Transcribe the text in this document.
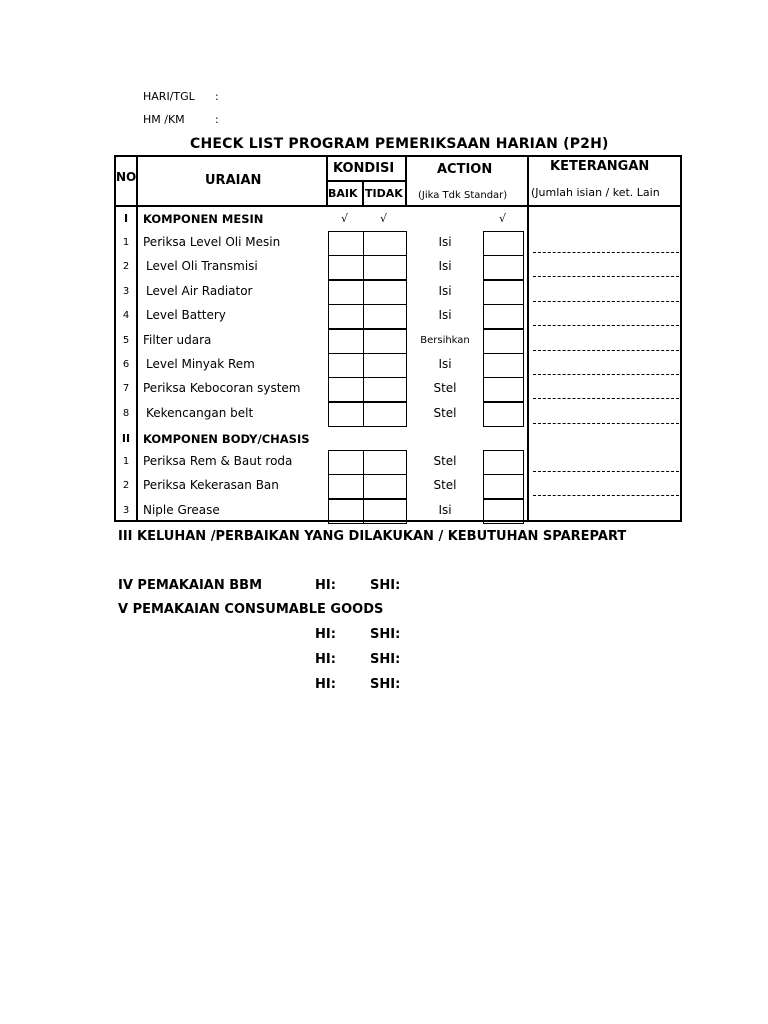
HARI/TGL :
HM /KM	:
CHECK LIST PROGRAM PEMERIKSAAN HARIAN (P2H)
NO	URAIAN
KONDISI
BAIK TIDAK
ACTION
(Jika Tdk Standar)
KETERANGAN
(Jumlah isian / ket. Lain
I	KOMPONEN MESIN	√	√	√
1	Periksa Level Oli Mesin	Isi
2	Level Oli Transmisi	Isi
3	Level Air Radiator	Isi
4	Level Battery	Isi
5	Filter udara	Bersihkan
6	Level Minyak Rem	Isi
7	Periksa Kebocoran system	Stel
8	Kekencangan belt	Stel
II	KOMPONEN BODY/CHASIS
1	Periksa Rem & Baut roda	Stel
2	Periksa Kekerasan Ban	Stel
3	Niple Grease	Isi
III KELUHAN /PERBAIKAN YANG DILAKUKAN / KEBUTUHAN SPAREPART
IV PEMAKAIAN BBM	HI:	SHI:
V PEMAKAIAN CONSUMABLE GOODS
HI:	SHI:
HI:	SHI:
HI:	SHI:
